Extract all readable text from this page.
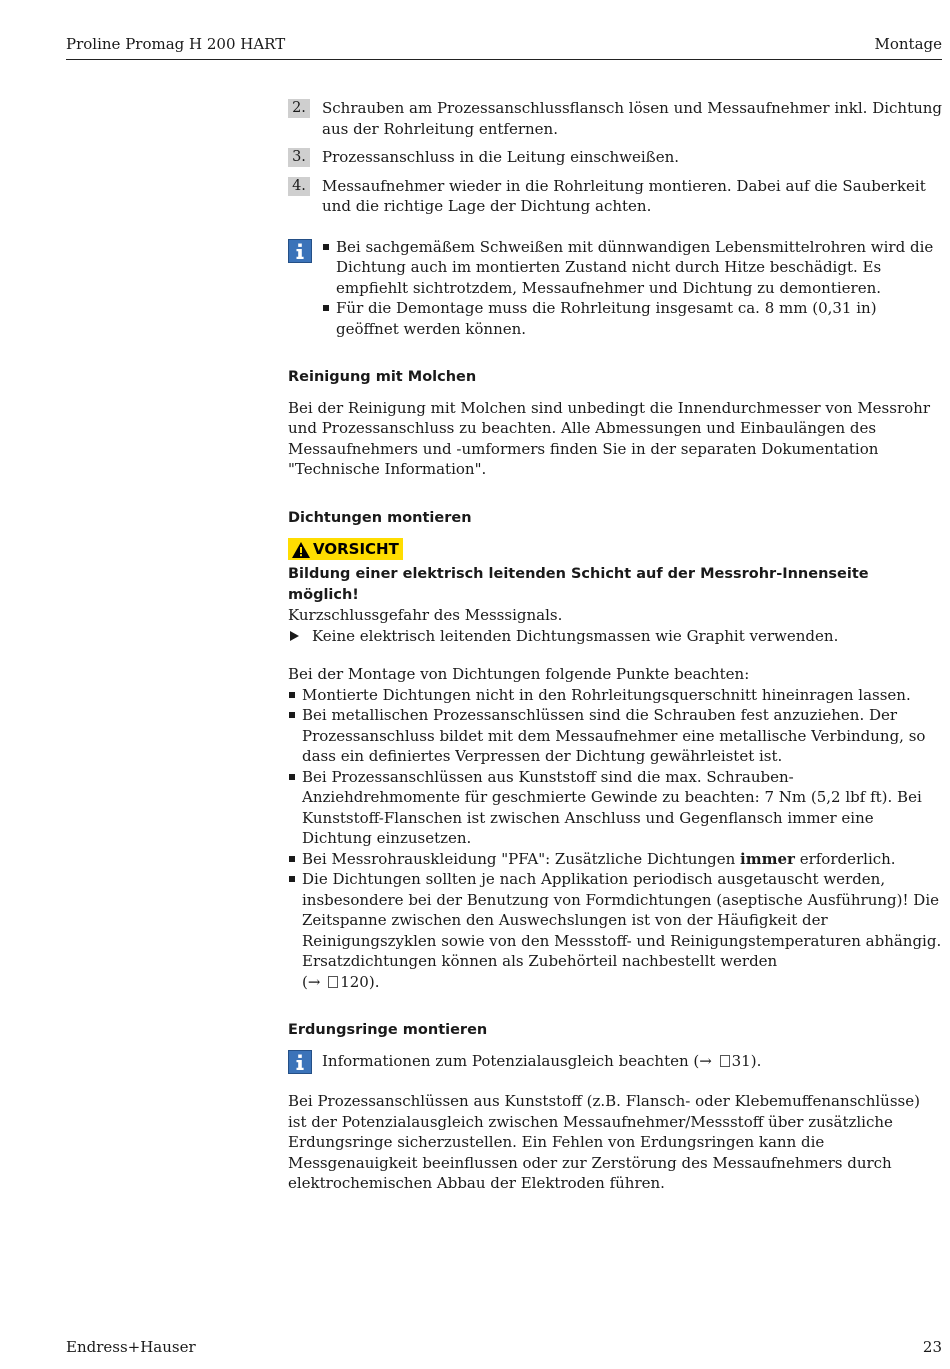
Proline Promag H 200 HART	Montage
2. Schrauben am Prozessanschlussflansch lösen und Messaufnehmer inkl. Dichtung aus der Rohrleitung entfernen.
3. Prozessanschluss in die Leitung einschweißen.
4. Messaufnehmer wieder in die Rohrleitung montieren. Dabei auf die Sauberkeit und die richtige Lage der Dichtung achten.
Bei sachgemäßem Schweißen mit dünnwandigen Lebensmittelrohren wird die Dichtung auch im montierten Zustand nicht durch Hitze beschädigt. Es empfiehlt sichtrotzdem, Messaufnehmer und Dichtung zu demontieren.
Für die Demontage muss die Rohrleitung insgesamt ca. 8 mm (0,31 in) geöffnet werden können.
Reinigung mit Molchen

Bei der Reinigung mit Molchen sind unbedingt die Innendurchmesser von Messrohr und Prozessanschluss zu beachten. Alle Abmessungen und Einbaulängen des Messaufnehmers und -umformers finden Sie in der separaten Dokumentation "Technische Information".

Dichtungen montieren
VORSICHT

Bildung einer elektrisch leitenden Schicht auf der Messrohr-Innenseite möglich!

Kurzschlussgefahr des Messsignals.

Keine elektrisch leitenden Dichtungsmassen wie Graphit verwenden.

Bei der Montage von Dichtungen folgende Punkte beachten:

Montierte Dichtungen nicht in den Rohrleitungsquerschnitt hineinragen lassen.
Bei metallischen Prozessanschlüssen sind die Schrauben fest anzuziehen. Der Prozessanschluss bildet mit dem Messaufnehmer eine metallische Verbindung, so dass ein definiertes Verpressen der Dichtung gewährleistet ist.
Bei Prozessanschlüssen aus Kunststoff sind die max. Schrauben-Anziehdrehmomente für geschmierte Gewinde zu beachten: 7 Nm (5,2 lbf ft). Bei Kunststoff-Flanschen ist zwischen Anschluss und Gegenflansch immer eine Dichtung einzusetzen.
Bei Messrohrauskleidung "PFA": Zusätzliche Dichtungen immer erforderlich.
Die Dichtungen sollten je nach Applikation periodisch ausgetauscht werden, insbesondere bei der Benutzung von Formdichtungen (aseptische Ausführung)! Die Zeitspanne zwischen den Auswechslungen ist von der Häufigkeit der Reinigungszyklen sowie von den Messstoff- und Reinigungstemperaturen abhängig. Ersatzdichtungen können als Zubehörteil nachbestellt werden
(→ 120).
Erdungsringe montieren
Informationen zum Potenzialausgleich beachten (→ 31).

Bei Prozessanschlüssen aus Kunststoff (z.B. Flansch- oder Klebemuffenanschlüsse) ist der Potenzialausgleich zwischen Messaufnehmer/Messstoff über zusätzliche Erdungsringe sicherzustellen. Ein Fehlen von Erdungsringen kann die Messgenauigkeit beeinflussen oder zur Zerstörung des Messaufnehmers durch elektrochemischen Abbau der Elektroden führen.

Endress+Hauser	23
